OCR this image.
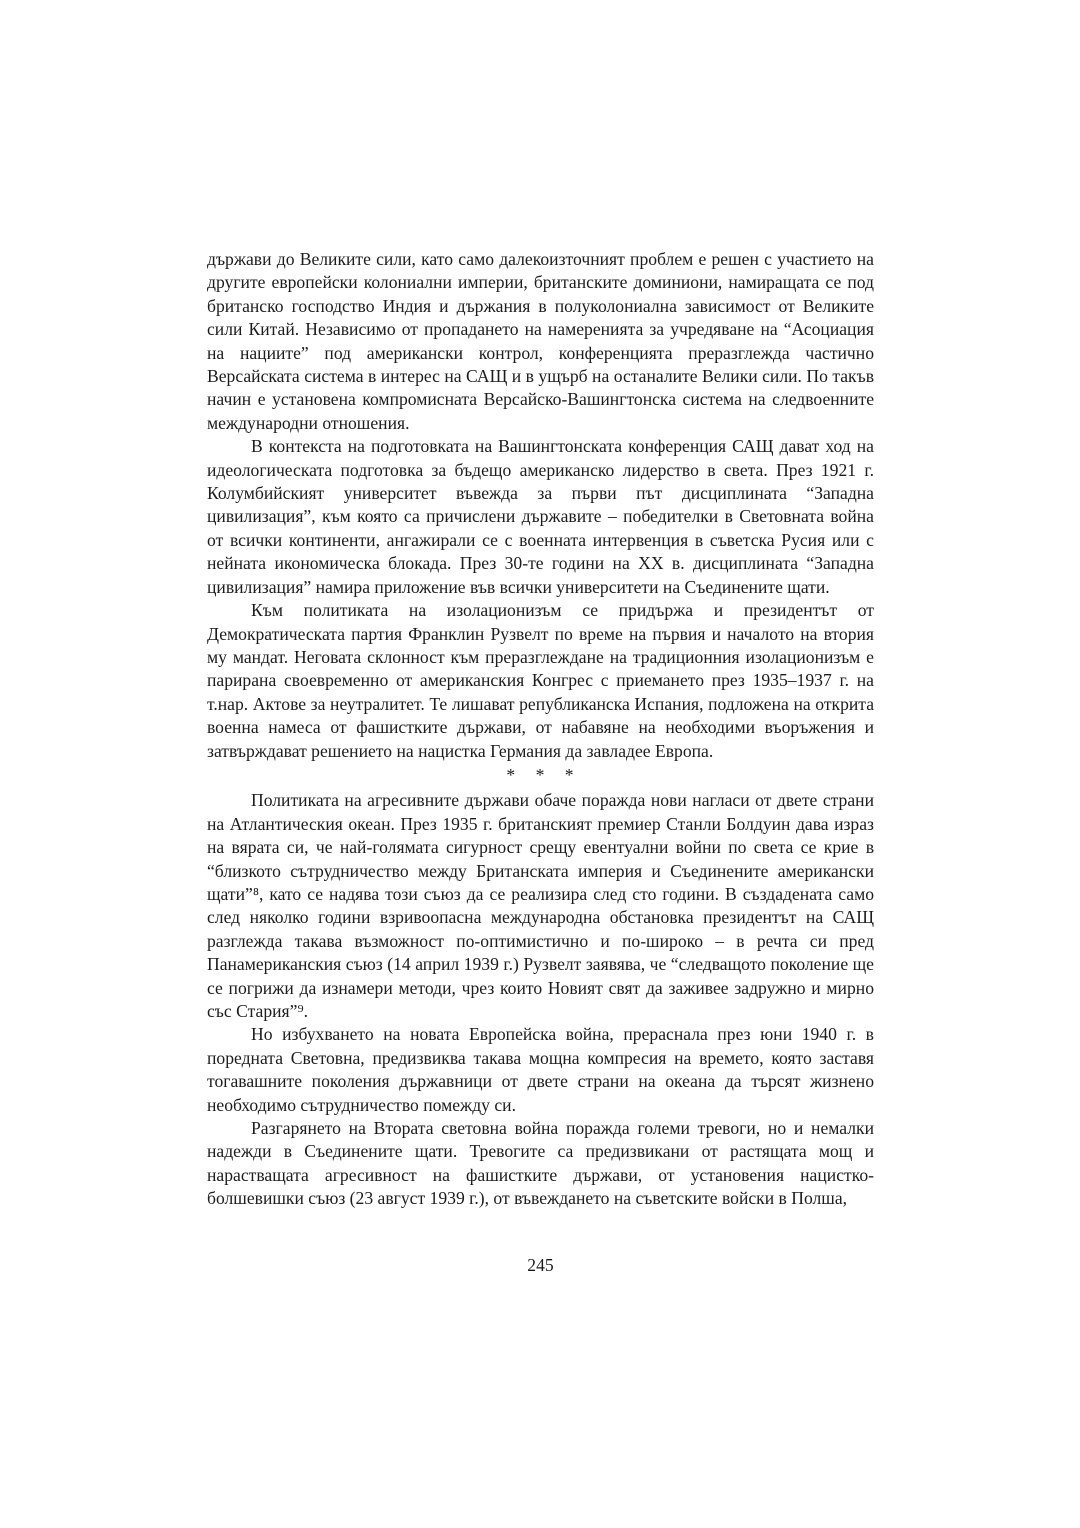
държави до Великите сили, като само далекоизточният проблем е решен с участието на другите европейски колониални империи, британските доминиони, намиращата се под британско господство Индия и държания в полуколониална зависимост от Великите сили Китай. Независимо от пропадането на намеренията за учредяване на “Асоциация на нациите” под американски контрол, конференцията преразглежда частично Версайската система в интерес на САЩ и в ущърб на останалите Велики сили. По такъв начин е установена компромисната Версайско-Вашингтонска система на следвоенните международни отношения.

В контекста на подготовката на Вашингтонската конференция САЩ дават ход на идеологическата подготовка за бъдещо американско лидерство в света. През 1921 г. Колумбийският университет въвежда за първи път дисциплината “Западна цивилизация”, към която са причислени държавите – победителки в Световната война от всички континенти, ангажирали се с военната интервенция в съветска Русия или с нейната икономическа блокада. През 30-те години на ХХ в. дисциплината “Западна цивилизация” намира приложение във всички университети на Съединените щати.

Към политиката на изолационизъм се придържа и президентът от Демократическата партия Франклин Рузвелт по време на първия и началото на втория му мандат. Неговата склонност към преразглеждане на традиционния изолационизъм е парирана своевременно от американския Конгрес с приемането през 1935–1937 г. на т.нар. Актове за неутралитет. Те лишават републиканска Испания, подложена на открита военна намеса от фашистките държави, от набавяне на необходими въоръжения и затвърждават решението на нацистка Германия да завладее Европа.

* * *

Политиката на агресивните държави обаче поражда нови нагласи от двете страни на Атлантическия океан. През 1935 г. британският премиер Станли Болдуин дава израз на вярата си, че най-голямата сигурност срещу евентуални войни по света се крие в “близкото сътрудничество между Британската империя и Съединените американски щати”⁸, като се надява този съюз да се реализира след сто години. В създадената само след няколко години взривоопасна международна обстановка президентът на САЩ разглежда такава възможност по-оптимистично и по-широко – в речта си пред Панамериканския съюз (14 април 1939 г.) Рузвелт заявява, че “следващото поколение ще се погрижи да изнамери методи, чрез които Новият свят да заживее задружно и мирно със Стария”⁹.

Но избухването на новата Европейска война, прераснала през юни 1940 г. в поредната Световна, предизвиква такава мощна компресия на времето, която заставя тогавашните поколения държавници от двете страни на океана да търсят жизнено необходимо сътрудничество помежду си.

Разгарянето на Втората световна война поражда големи тревоги, но и немалки надежди в Съединените щати. Тревогите са предизвикани от растящата мощ и нарастващата агресивност на фашистките държави, от установения нацистко-болшевишки съюз (23 август 1939 г.), от въвеждането на съветските войски в Полша,

245
